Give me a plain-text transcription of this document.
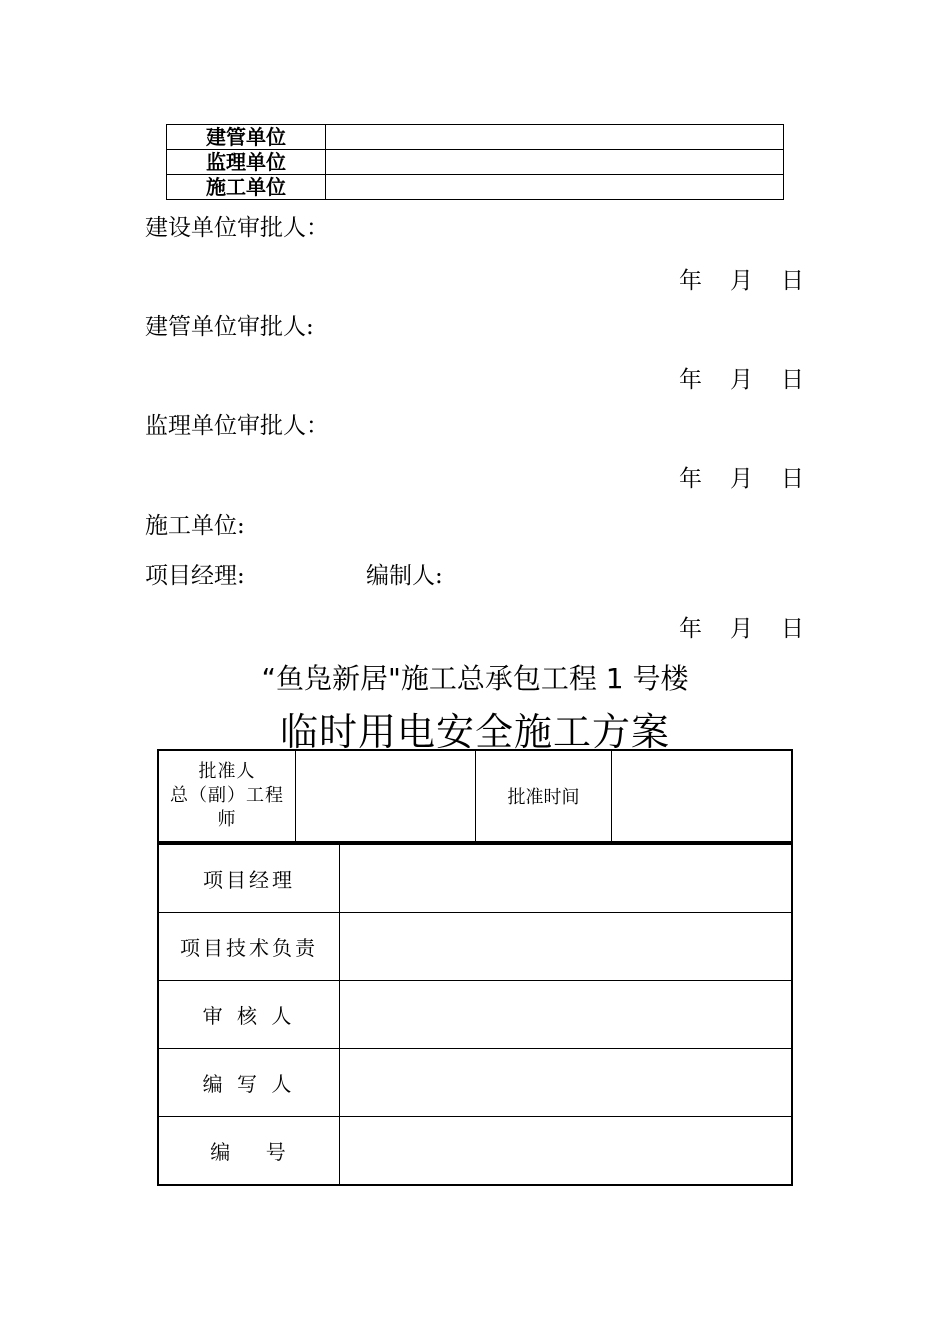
建管单位	
监理单位	
施工单位	
建设单位审批人：
年 月 日
建管单位审批人:
年 月 日
监理单位审批人：
年 月 日
施工单位:
项目经理:	编制人:
年 月 日
“鱼凫新居"施工总承包工程 1 号楼
临时用电安全施工方案
批准人
总（副）工程
师
批准时间
项目经理
项目技术负责
审 核 人
编 写 人
编    号
